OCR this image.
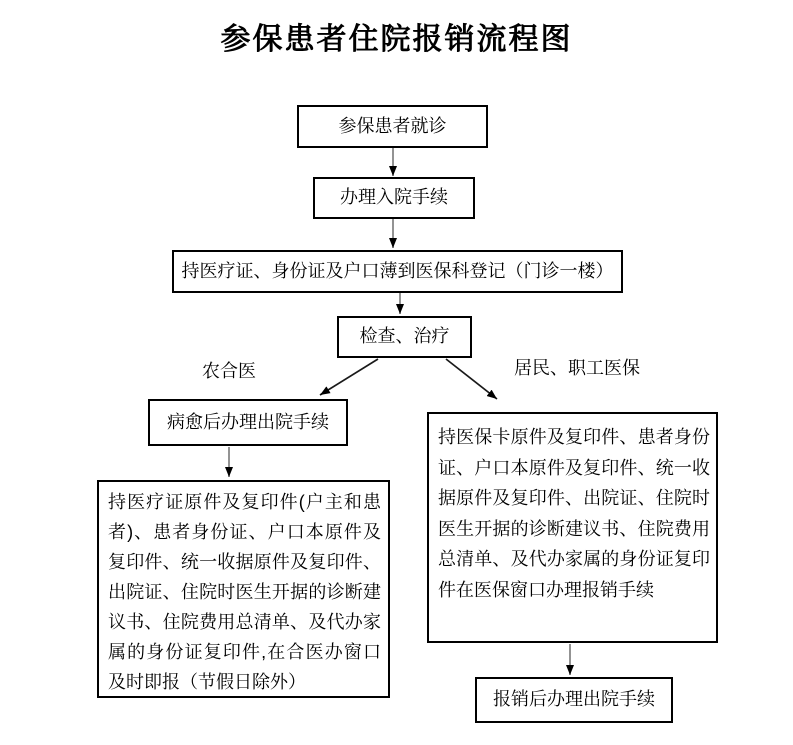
参保患者住院报销流程图
参保患者就诊
办理入院手续
持医疗证、身份证及户口薄到医保科登记（门诊一楼）
检查、治疗
农合医	居民、职工医保
病愈后办理出院手续
持医疗证原件及复印件(户主和患者)、患者身份证、户口本原件及复印件、统一收据原件及复印件、出院证、住院时医生开据的诊断建议书、住院费用总清单、及代办家属的身份证复印件,在合医办窗口及时即报（节假日除外）
持医保卡原件及复印件、患者身份证、户口本原件及复印件、统一收据原件及复印件、出院证、住院时医生开据的诊断建议书、住院费用总清单、及代办家属的身份证复印件在医保窗口办理报销手续
报销后办理出院手续
